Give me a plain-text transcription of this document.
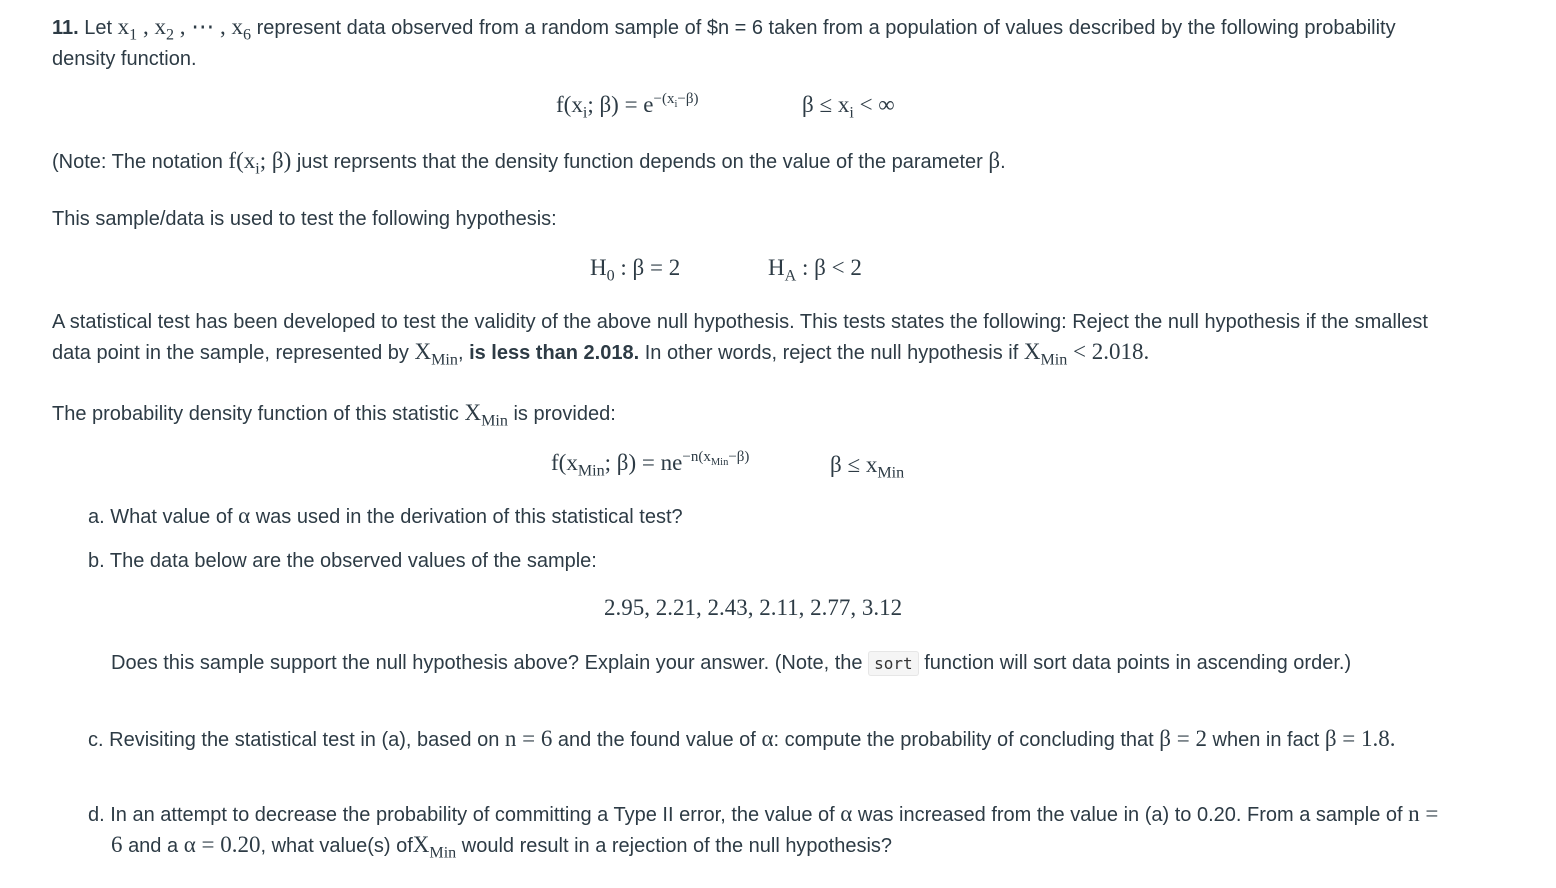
11. Let $x_1$ , $x_2$ , ⋯ , $x_6$ represent data observed from a random sample of $n = 6 taken from a population of values described by the following probability density function.

$f(x_i$; $\beta) = e^{-(x_i-\beta)}$	$\beta \le x_i$ < ∞

(Note: The notation $f(x_i$; β) just reprsents that the density function depends on the value of the parameter β.

This sample/data is used to test the following hypothesis:

$H_0$ : β = 2	$H_A$ : β < 2

A statistical test has been developed to test the validity of the above null hypothesis. This tests states the following: Reject the null hypothesis if the smallest data point in the sample, represented by $X_{Min}$, is less than 2.018. In other words, reject the null hypothesis if $X_{Min} < 2.018$.

The probability density function of this statistic $X_{Min}$ is provided:

$f(x_{Min}$; $\beta) = ne^{-n(x_{Min}-\beta)}$	$\beta \le x_{Min}$
a. What value of α was used in the derivation of this statistical test?
b. The data below are the observed values of the sample:
2.95, 2.21, 2.43, 2.11, 2.77, 3.12
Does this sample support the null hypothesis above? Explain your answer. (Note, the sort function will sort data points in ascending order.)
c. Revisiting the statistical test in (a), based on n = 6 and the found value of α: compute the probability of concluding that β = 2 when in fact β = 1.8.
d. In an attempt to decrease the probability of committing a Type II error, the value of α was increased from the value in (a) to 0.20. From a sample of n = 6 and a α = 0.20, what value(s) ofX$_{Min}$ would result in a rejection of the null hypothesis?
